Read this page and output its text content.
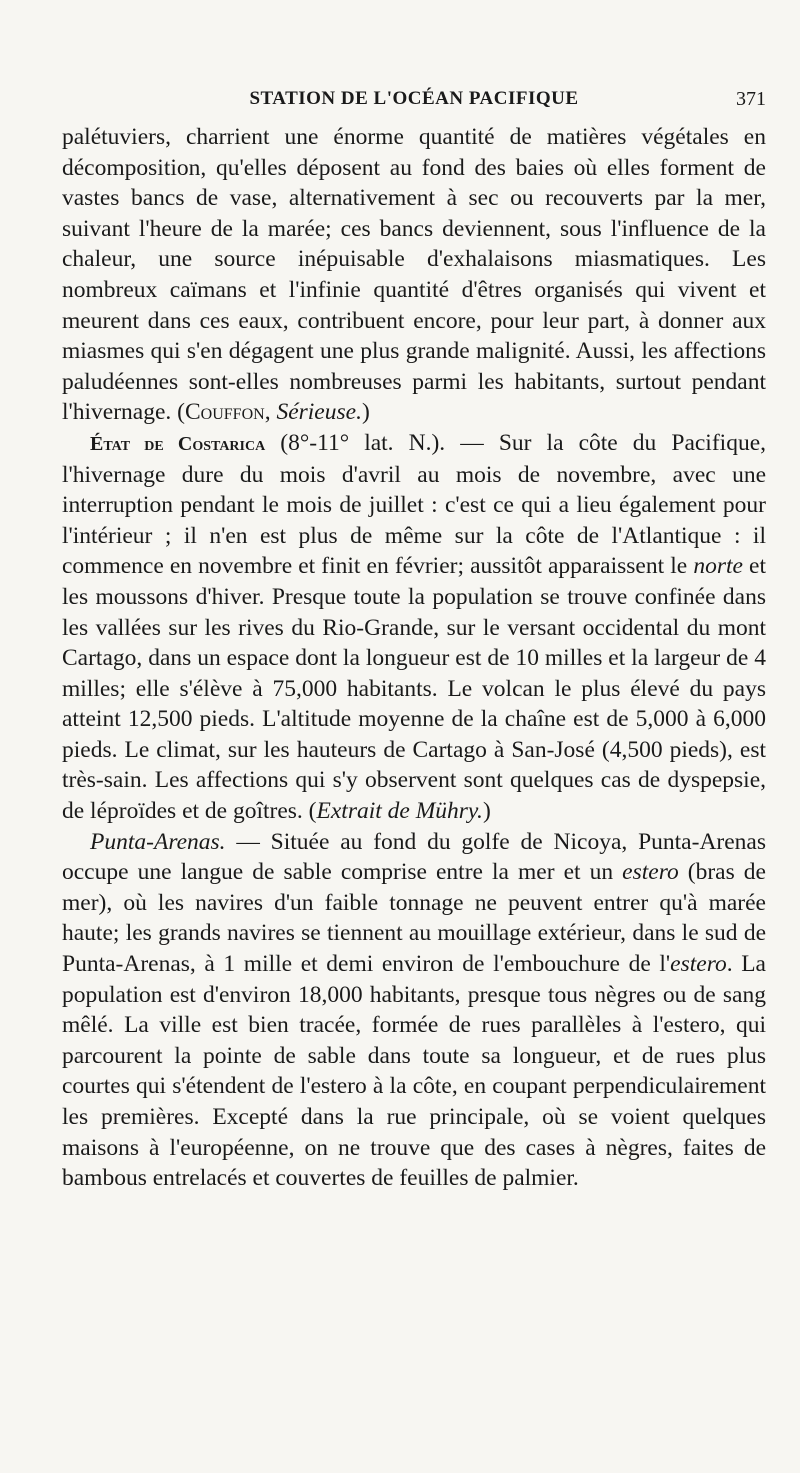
STATION DE L'OCÉAN PACIFIQUE	371

palétuviers, charrient une énorme quantité de matières végétales en décomposition, qu'elles déposent au fond des baies où elles forment de vastes bancs de vase, alternativement à sec ou recouverts par la mer, suivant l'heure de la marée; ces bancs deviennent, sous l'influence de la chaleur, une source inépuisable d'exhalaisons miasmatiques. Les nombreux caïmans et l'infinie quantité d'êtres organisés qui vivent et meurent dans ces eaux, contribuent encore, pour leur part, à donner aux miasmes qui s'en dégagent une plus grande malignité. Aussi, les affections paludéennes sont-elles nombreuses parmi les habitants, surtout pendant l'hivernage. (Couffon, Sérieuse.)

État de Costarica (8°-11° lat. N.). — Sur la côte du Pacifique, l'hivernage dure du mois d'avril au mois de novembre, avec une interruption pendant le mois de juillet : c'est ce qui a lieu également pour l'intérieur ; il n'en est plus de même sur la côte de l'Atlantique : il commence en novembre et finit en février; aussitôt apparaissent le norte et les moussons d'hiver. Presque toute la population se trouve confinée dans les vallées sur les rives du Rio-Grande, sur le versant occidental du mont Cartago, dans un espace dont la longueur est de 10 milles et la largeur de 4 milles; elle s'élève à 75,000 habitants. Le volcan le plus élevé du pays atteint 12,500 pieds. L'altitude moyenne de la chaîne est de 5,000 à 6,000 pieds. Le climat, sur les hauteurs de Cartago à San-José (4,500 pieds), est très-sain. Les affections qui s'y observent sont quelques cas de dyspepsie, de léproïdes et de goîtres. (Extrait de Mühry.)

Punta-Arenas. — Située au fond du golfe de Nicoya, Punta-Arenas occupe une langue de sable comprise entre la mer et un estero (bras de mer), où les navires d'un faible tonnage ne peuvent entrer qu'à marée haute; les grands navires se tiennent au mouillage extérieur, dans le sud de Punta-Arenas, à 1 mille et demi environ de l'embouchure de l'estero. La population est d'environ 18,000 habitants, presque tous nègres ou de sang mêlé. La ville est bien tracée, formée de rues parallèles à l'estero, qui parcourent la pointe de sable dans toute sa longueur, et de rues plus courtes qui s'étendent de l'estero à la côte, en coupant perpendiculairement les premières. Excepté dans la rue principale, où se voient quelques maisons à l'européenne, on ne trouve que des cases à nègres, faites de bambous entrelacés et couvertes de feuilles de palmier.
